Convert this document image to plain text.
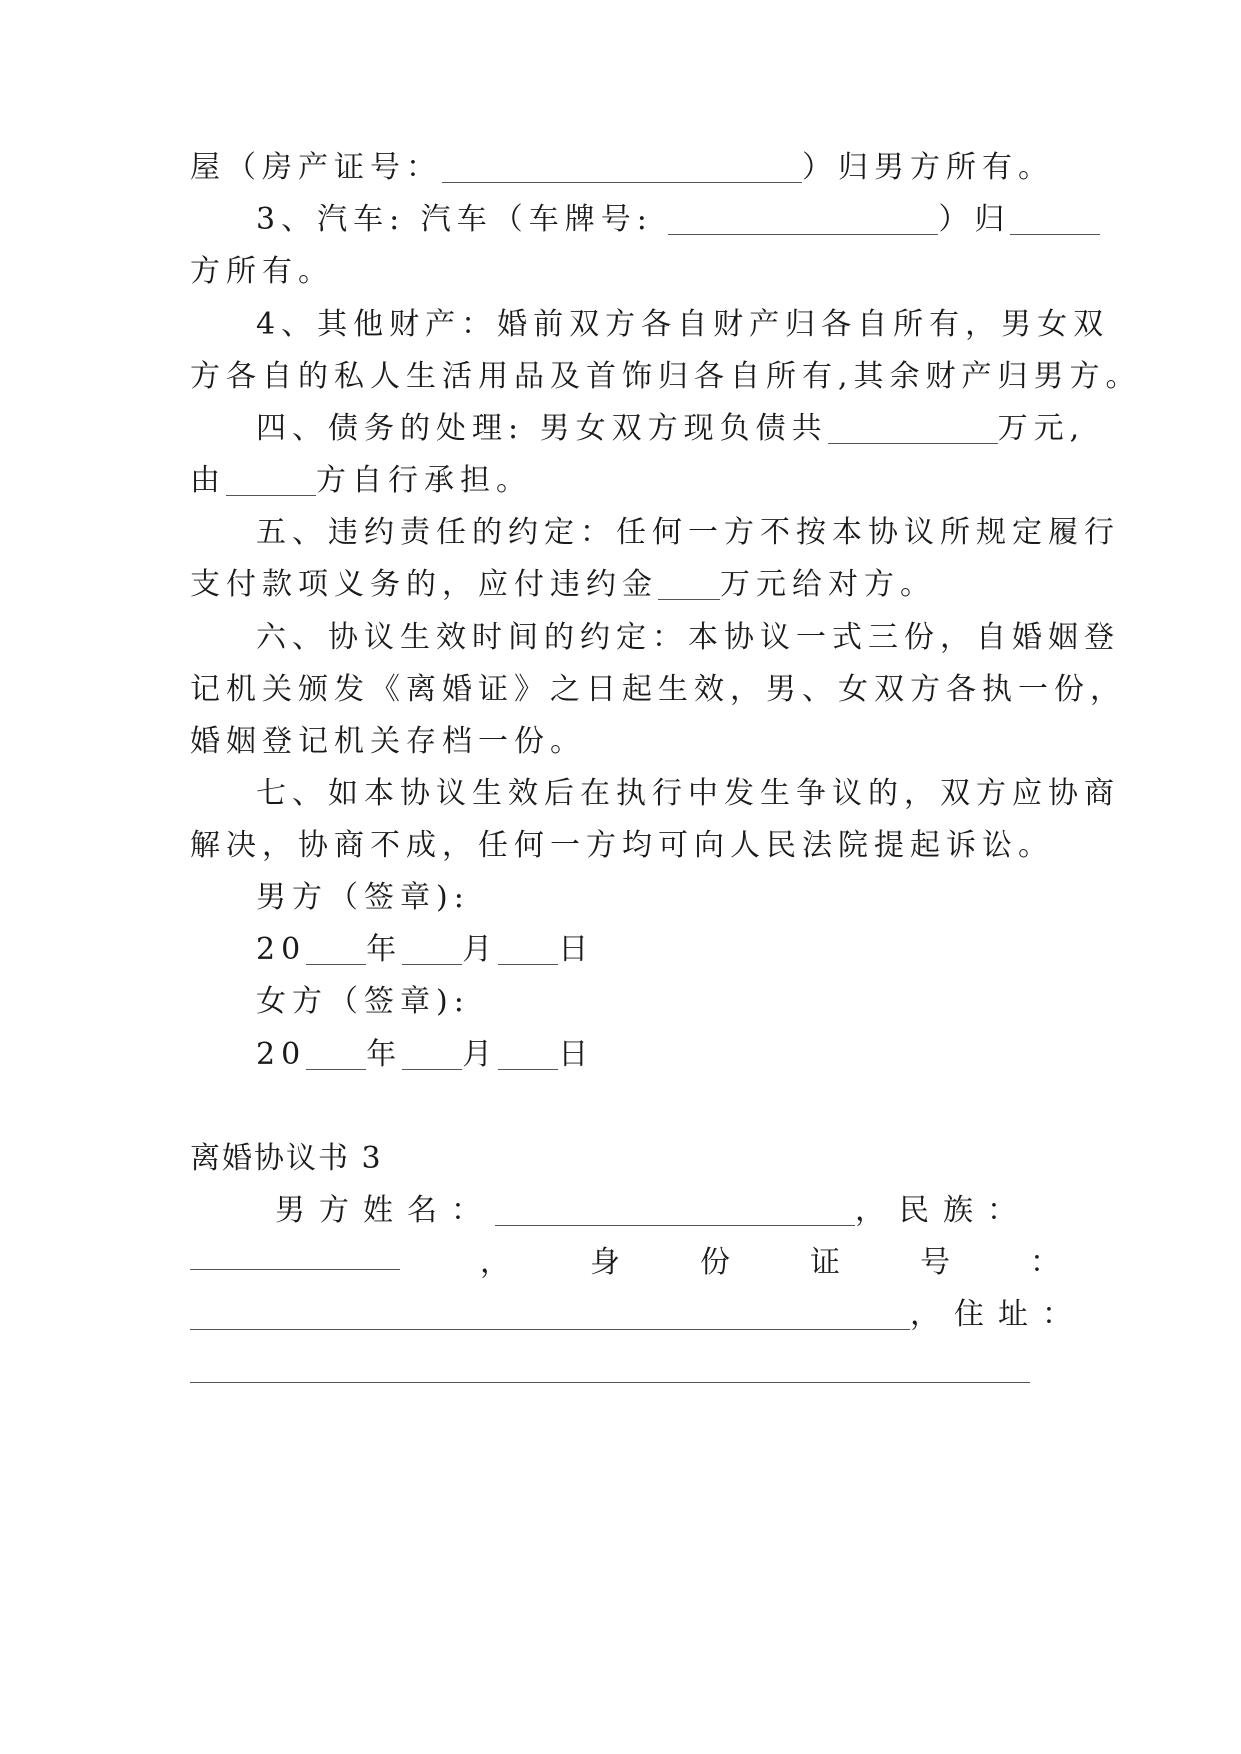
屋（房产证号：	）归男方所有。
3、汽车: 汽车（车牌号:	）归
方所有。
4、其他财产：婚前双方各自财产归各自所有，男女双
方各自的私人生活用品及首饰归各自所有,其余财产归男方。
四、债务的处理: 男女双方现负债共	万元,
由	方自行承担。
五、违约责任的约定：任何一方不按本协议所规定履行
支付款项义务的，应付违约金 万元给对方。
六、协议生效时间的约定：本协议一式三份，自婚姻登
记机关颁发《离婚证》之日起生效，男、女双方各执一份，
婚姻登记机关存档一份。
七、如本协议生效后在执行中发生争议的，双方应协商
解决，协商不成，任何一方均可向人民法院提起诉讼。
男方（签章):
20 年 月 日
女方（签章):
20 年 月 日
离婚协议书 3
男方姓名：	，民族：
，	身	份	证	号	：
，住址：
